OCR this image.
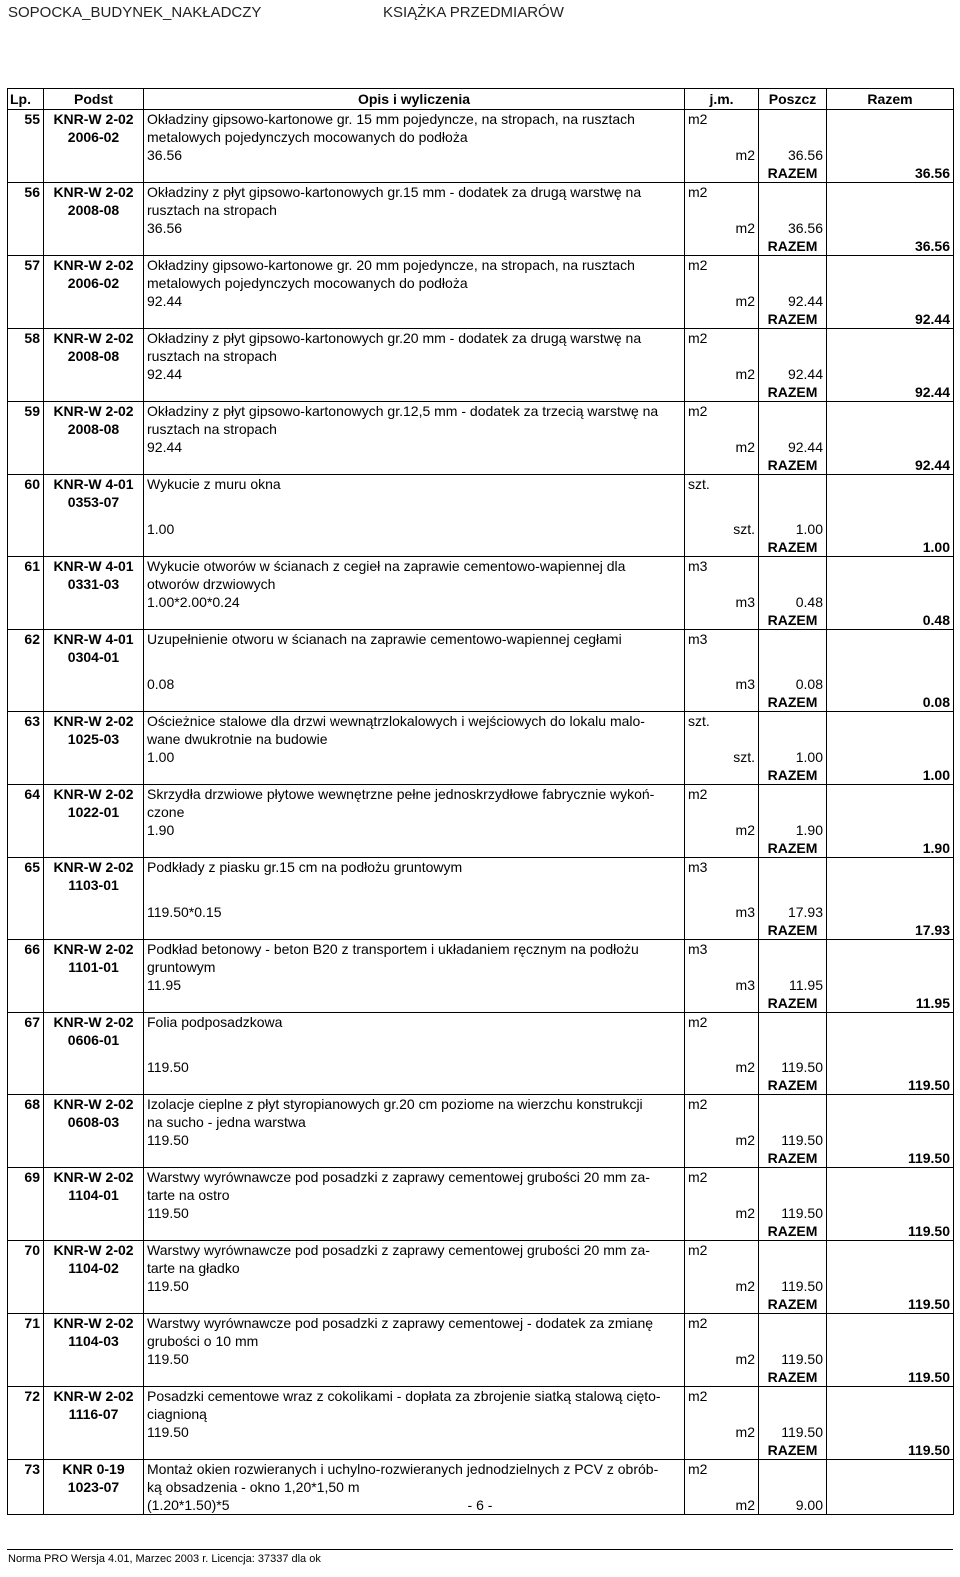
SOPOCKA_BUDYNEK_NAKŁADCZY	KSIĄŻKA PRZEDMIARÓW
Lp.	Podst	Opis i wyliczenia	j.m.	Poszcz	Razem
55	KNR-W 2-02	Okładziny gipsowo-kartonowe gr. 15 mm pojedyncze, na stropach, na rusztach	m2		
	2006-02	metalowych pojedynczych mocowanych do podłoża			
		36.56	m2	36.56	
				RAZEM	36.56
56	KNR-W 2-02	Okładziny z płyt gipsowo-kartonowych gr.15 mm - dodatek za drugą warstwę na	m2		
	2008-08	rusztach na stropach			
		36.56	m2	36.56	
				RAZEM	36.56
57	KNR-W 2-02	Okładziny gipsowo-kartonowe gr. 20 mm pojedyncze, na stropach, na rusztach	m2		
	2006-02	metalowych pojedynczych mocowanych do podłoża			
		92.44	m2	92.44	
				RAZEM	92.44
58	KNR-W 2-02	Okładziny z płyt gipsowo-kartonowych gr.20 mm - dodatek za drugą warstwę na	m2		
	2008-08	rusztach na stropach			
		92.44	m2	92.44	
				RAZEM	92.44
59	KNR-W 2-02	Okładziny z płyt gipsowo-kartonowych gr.12,5 mm - dodatek za trzecią warstwę na	m2		
	2008-08	rusztach na stropach			
		92.44	m2	92.44	
				RAZEM	92.44
60	KNR-W 4-01	Wykucie z muru okna	szt.		
	0353-07				
		1.00	szt.	1.00	
				RAZEM	1.00
61	KNR-W 4-01	Wykucie otworów w ścianach z cegieł na zaprawie cementowo-wapiennej dla	m3		
	0331-03	otworów drzwiowych			
		1.00*2.00*0.24	m3	0.48	
				RAZEM	0.48
62	KNR-W 4-01	Uzupełnienie otworu w ścianach na zaprawie cementowo-wapiennej cegłami	m3		
	0304-01				
		0.08	m3	0.08	
				RAZEM	0.08
63	KNR-W 2-02	Ościeżnice stalowe dla drzwi wewnątrzlokalowych i wejściowych do lokalu malo-	szt.		
	1025-03	wane dwukrotnie na budowie			
		1.00	szt.	1.00	
				RAZEM	1.00
64	KNR-W 2-02	Skrzydła drzwiowe płytowe wewnętrzne pełne jednoskrzydłowe fabrycznie wykoń-	m2		
	1022-01	czone			
		1.90	m2	1.90	
				RAZEM	1.90
65	KNR-W 2-02	Podkłady z piasku gr.15 cm na podłożu gruntowym	m3		
	1103-01				
		119.50*0.15	m3	17.93	
				RAZEM	17.93
66	KNR-W 2-02	Podkład betonowy - beton B20 z transportem i układaniem ręcznym na podłożu	m3		
	1101-01	gruntowym			
		11.95	m3	11.95	
				RAZEM	11.95
67	KNR-W 2-02	Folia podposadzkowa	m2		
	0606-01				
		119.50	m2	119.50	
				RAZEM	119.50
68	KNR-W 2-02	Izolacje cieplne z płyt styropianowych gr.20 cm poziome na wierzchu konstrukcji	m2		
	0608-03	na sucho - jedna warstwa			
		119.50	m2	119.50	
				RAZEM	119.50
69	KNR-W 2-02	Warstwy wyrównawcze pod posadzki z zaprawy cementowej grubości 20 mm za-	m2		
	1104-01	tarte na ostro			
		119.50	m2	119.50	
				RAZEM	119.50
70	KNR-W 2-02	Warstwy wyrównawcze pod posadzki z zaprawy cementowej grubości 20 mm za-	m2		
	1104-02	tarte na gładko			
		119.50	m2	119.50	
				RAZEM	119.50
71	KNR-W 2-02	Warstwy wyrównawcze pod posadzki z zaprawy cementowej - dodatek za zmianę	m2		
	1104-03	grubości o 10 mm			
		119.50	m2	119.50	
				RAZEM	119.50
72	KNR-W 2-02	Posadzki cementowe wraz z cokolikami - dopłata za zbrojenie siatką stalową cięto-	m2		
	1116-07	ciagnioną			
		119.50	m2	119.50	
				RAZEM	119.50
73	KNR 0-19	Montaż okien rozwieranych i uchylno-rozwieranych jednodzielnych z PCV z obrób-	m2		
	1023-07	ką obsadzenia - okno 1,20*1,50 m			
		(1.20*1.50)*5	m2	9.00	
- 6 -
Norma PRO Wersja 4.01, Marzec 2003 r. Licencja: 37337 dla ok
